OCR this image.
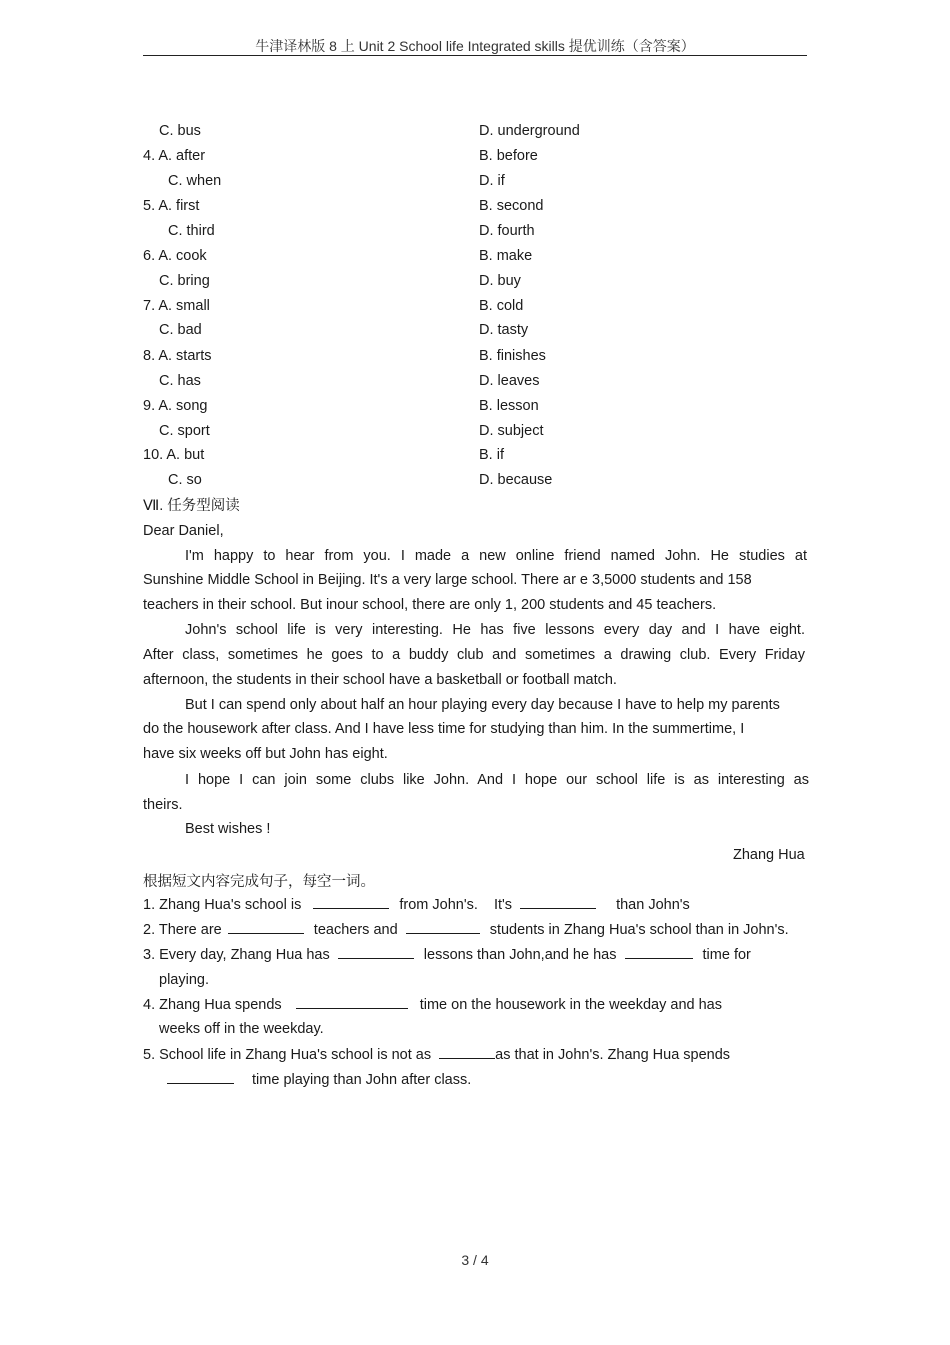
牛津译林版 8 上 Unit 2 School life Integrated skills 提优训练（含答案）
C. bus	D. underground
4. A. after	B. before
C. when	D. if
5. A. first	B. second
C. third	D. fourth
6. A. cook	B. make
C. bring	D. buy
7. A. small	B. cold
C. bad	D. tasty
8. A. starts	B. finishes
C. has	D. leaves
9. A. song	B. lesson
C. sport	D. subject
10. A. but	B. if
C. so	D. because
Ⅶ. 任务型阅读
Dear Daniel,
I'm happy to hear from you. I made a new online friend named John. He studies at
Sunshine Middle School in Beijing. It's a very large school. There ar e 3,5000 students and 158
teachers in their school. But inour school, there are only 1, 200 students and 45 teachers.
John's school life is very interesting. He has five lessons every day and I have eight.
After class, sometimes he goes to a buddy club and sometimes a drawing club. Every Friday
afternoon, the students in their school have a basketball or football match.
But I can spend only about half an hour playing every day because I have to help my parents
do the housework after class. And I have less time for studying than him. In the summertime, I
have six weeks off but John has eight.
I hope I can join some clubs like John. And I hope our school life is as interesting as
theirs.
Best wishes !
Zhang Hua
根据短文内容完成句子，每空一词。
1. Zhang Hua's school is	from John's. It's	than John's
2. There are	teachers and	students in Zhang Hua's school than in John's.
3. Every day, Zhang Hua has	lessons than John,and he has	time for
playing.
4. Zhang Hua spends	time on the housework in the weekday and has
weeks off in the weekday.
5. School life in Zhang Hua's school is not as	as that in John's. Zhang Hua spends
time playing than John after class.
3 / 4
